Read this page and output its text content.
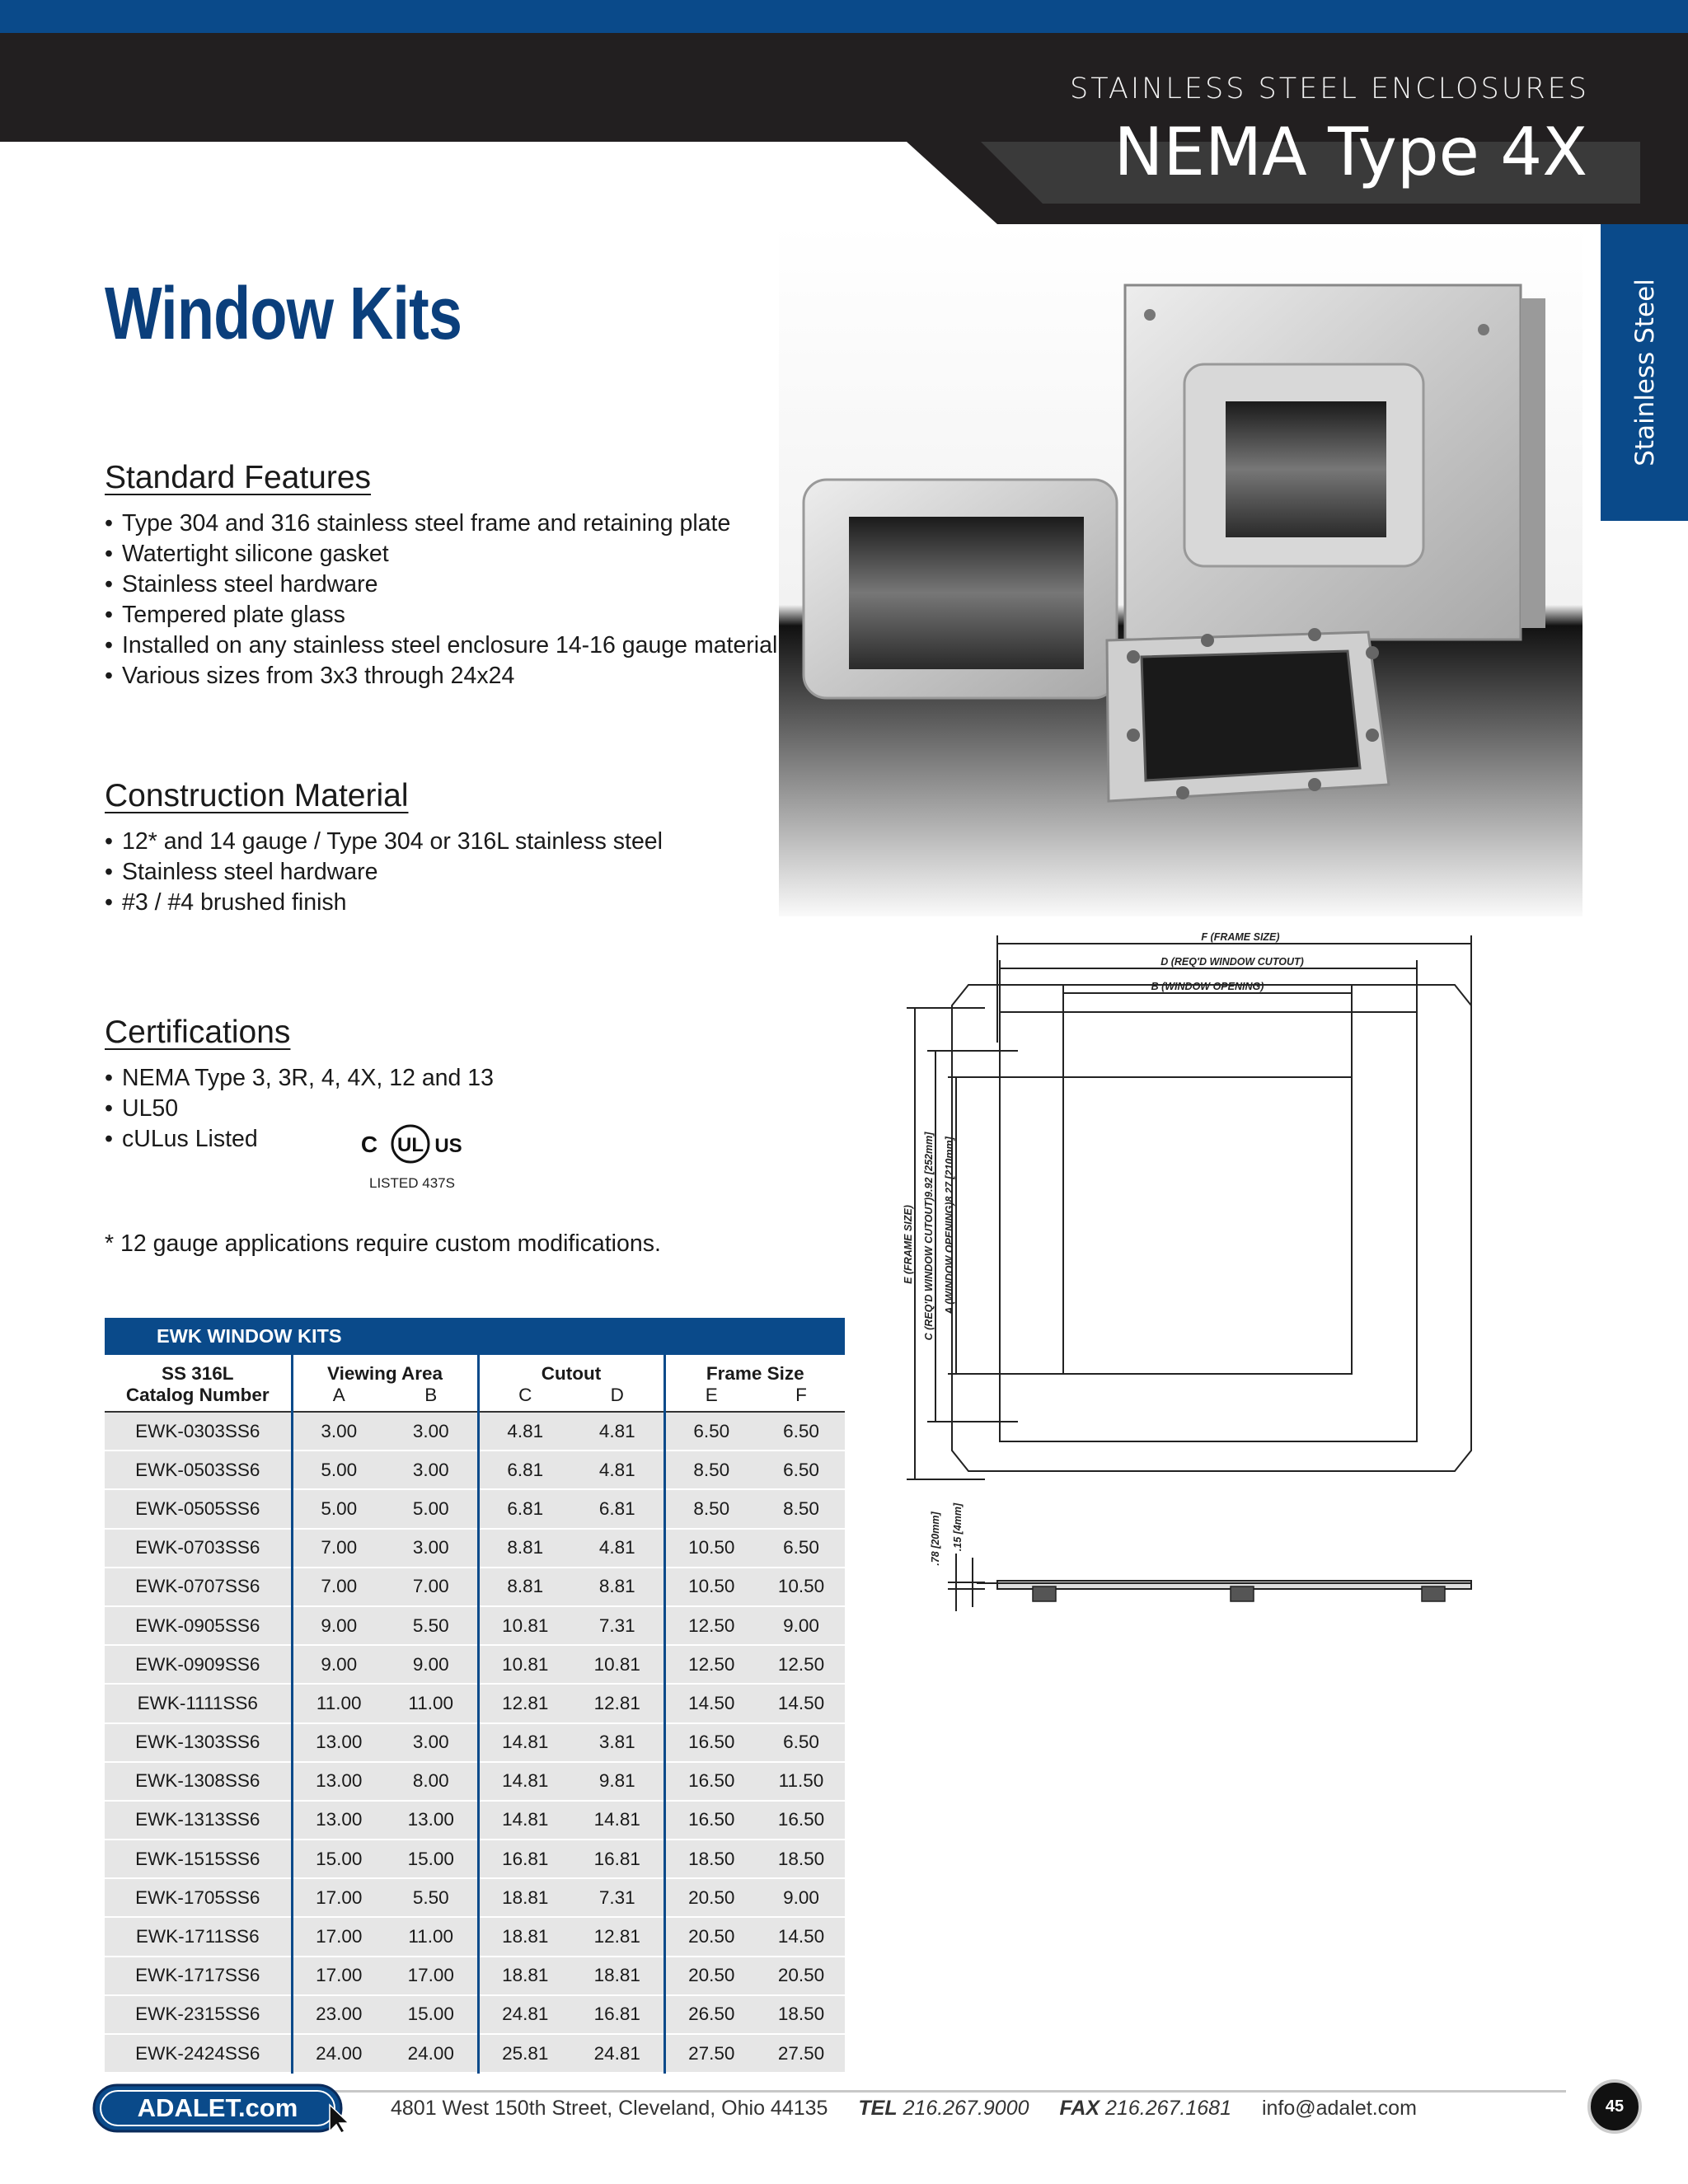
STAINLESS STEEL ENCLOSURES
NEMA Type 4X
Stainless Steel
Window Kits
Standard Features
• Type 304 and 316 stainless steel frame and retaining plate
• Watertight silicone gasket
• Stainless steel hardware
• Tempered plate glass
• Installed on any stainless steel enclosure 14-16 gauge material
• Various sizes from 3x3 through 24x24
Construction Material
• 12* and 14 gauge / Type 304 or 316L stainless steel
• Stainless steel hardware
• #3 / #4 brushed finish
Certifications
• NEMA Type 3, 3R, 4, 4X, 12 and 13
• UL50
• cULus Listed	UL
C	US
LISTED 437S
* 12 gauge applications require custom modifications.
F (FRAME SIZE)
D (REQ'D WINDOW CUTOUT)
B (WINDOW OPENING)
E (FRAME SIZE) C (REQ'D WINDOW CUTOUT)9.92 [252mm] A (WINDOW OPENING)8.27 [210mm]
.78 [20mm] .15 [4mm]
EWK WINDOW KITS
SS 316L	Viewing Area		Cutout		Frame Size	
Catalog Number	A	B	C	D	E	F
EWK-0303SS6	3.00	3.00	4.81	4.81	6.50	6.50
EWK-0503SS6	5.00	3.00	6.81	4.81	8.50	6.50
EWK-0505SS6	5.00	5.00	6.81	6.81	8.50	8.50
EWK-0703SS6	7.00	3.00	8.81	4.81	10.50	6.50
EWK-0707SS6	7.00	7.00	8.81	8.81	10.50	10.50
EWK-0905SS6	9.00	5.50	10.81	7.31	12.50	9.00
EWK-0909SS6	9.00	9.00	10.81	10.81	12.50	12.50
EWK-1111SS6	11.00	11.00	12.81	12.81	14.50	14.50
EWK-1303SS6	13.00	3.00	14.81	3.81	16.50	6.50
EWK-1308SS6	13.00	8.00	14.81	9.81	16.50	11.50
EWK-1313SS6	13.00	13.00	14.81	14.81	16.50	16.50
EWK-1515SS6	15.00	15.00	16.81	16.81	18.50	18.50
EWK-1705SS6	17.00	5.50	18.81	7.31	20.50	9.00
EWK-1711SS6	17.00	11.00	18.81	12.81	20.50	14.50
EWK-1717SS6	17.00	17.00	18.81	18.81	20.50	20.50
EWK-2315SS6	23.00	15.00	24.81	16.81	26.50	18.50
EWK-2424SS6	24.00	24.00	25.81	24.81	27.50	27.50
ADALET.com	4801 West 150th Street, Cleveland, Ohio 44135 TEL 216.267.9000 FAX 216.267.1681 info@adalet.com	45
